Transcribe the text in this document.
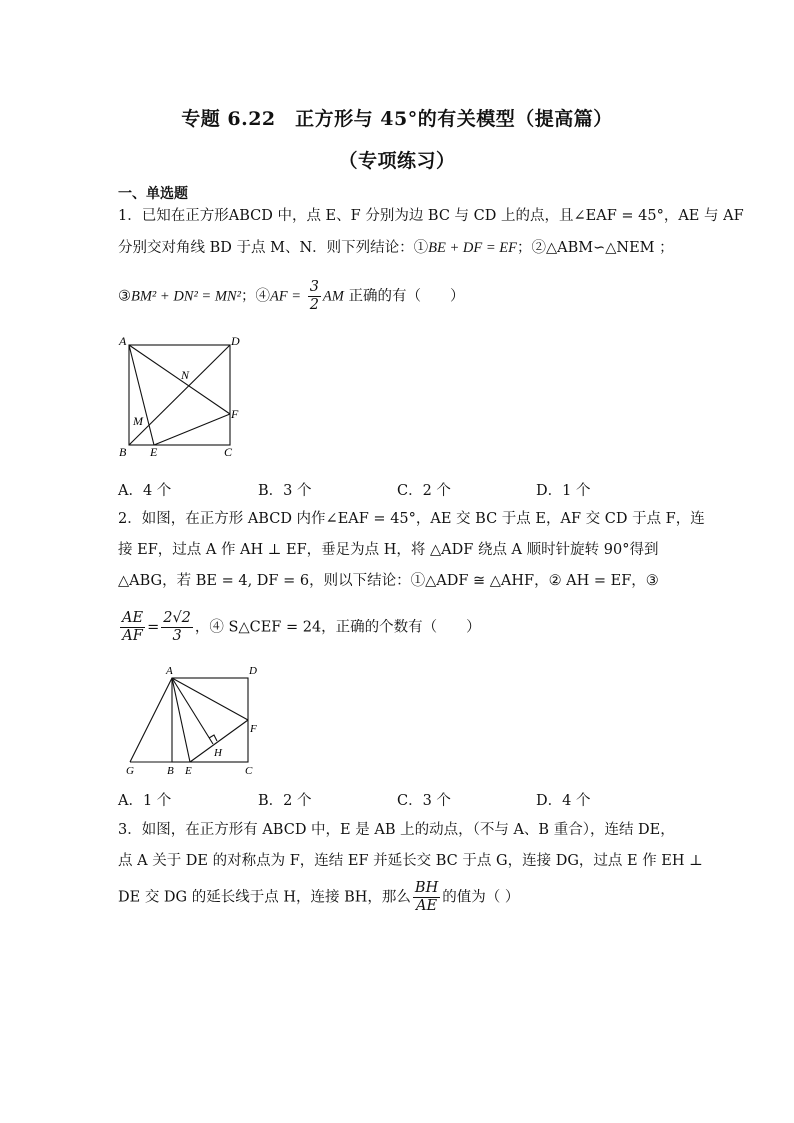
专题 6.22　正方形与 45°的有关模型（提高篇）
（专项练习）
一、单选题
1．已知在正方形ABCD 中，点 E、F 分别为边 BC 与 CD 上的点，且∠EAF = 45°，AE 与 AF
分别交对角线 BD 于点 M、N．则下列结论：①BE + DF = EF；②△ABM∽△NEM ；
③BM² + DN² = MN²；④AF = $\frac{3}{2}$ AM 正确的有（　　）
A	D
N
M	F
B E	C
A．4 个	B．3 个	C．2 个	D．1 个
2．如图，在正方形 ABCD 内作∠EAF = 45°，AE 交 BC 于点 E，AF 交 CD 于点 F，连
接 EF，过点 A 作 AH ⊥ EF，垂足为点 H，将 △ADF 绕点 A 顺时针旋转 90°得到
△ABG，若 BE = 4, DF = 6，则以下结论：①△ADF ≅ △AHF，② AH = EF，③
$\frac{AE}{AF} = \frac{2√2}{3}$ ，④ S△CEF = 24，正确的个数有（　　）
A	D
F
H
G	B E	C
A．1 个	B．2 个	C．3 个	D．4 个
3．如图，在正方形有 ABCD 中，E 是 AB 上的动点，（不与 A、B 重合），连结 DE，
点 A 关于 DE 的对称点为 F，连结 EF 并延长交 BC 于点 G，连接 DG，过点 E 作 EH ⊥
DE 交 DG 的延长线于点 H，连接 BH，那么 $\frac{BH}{AE}$ 的值为（ ）
